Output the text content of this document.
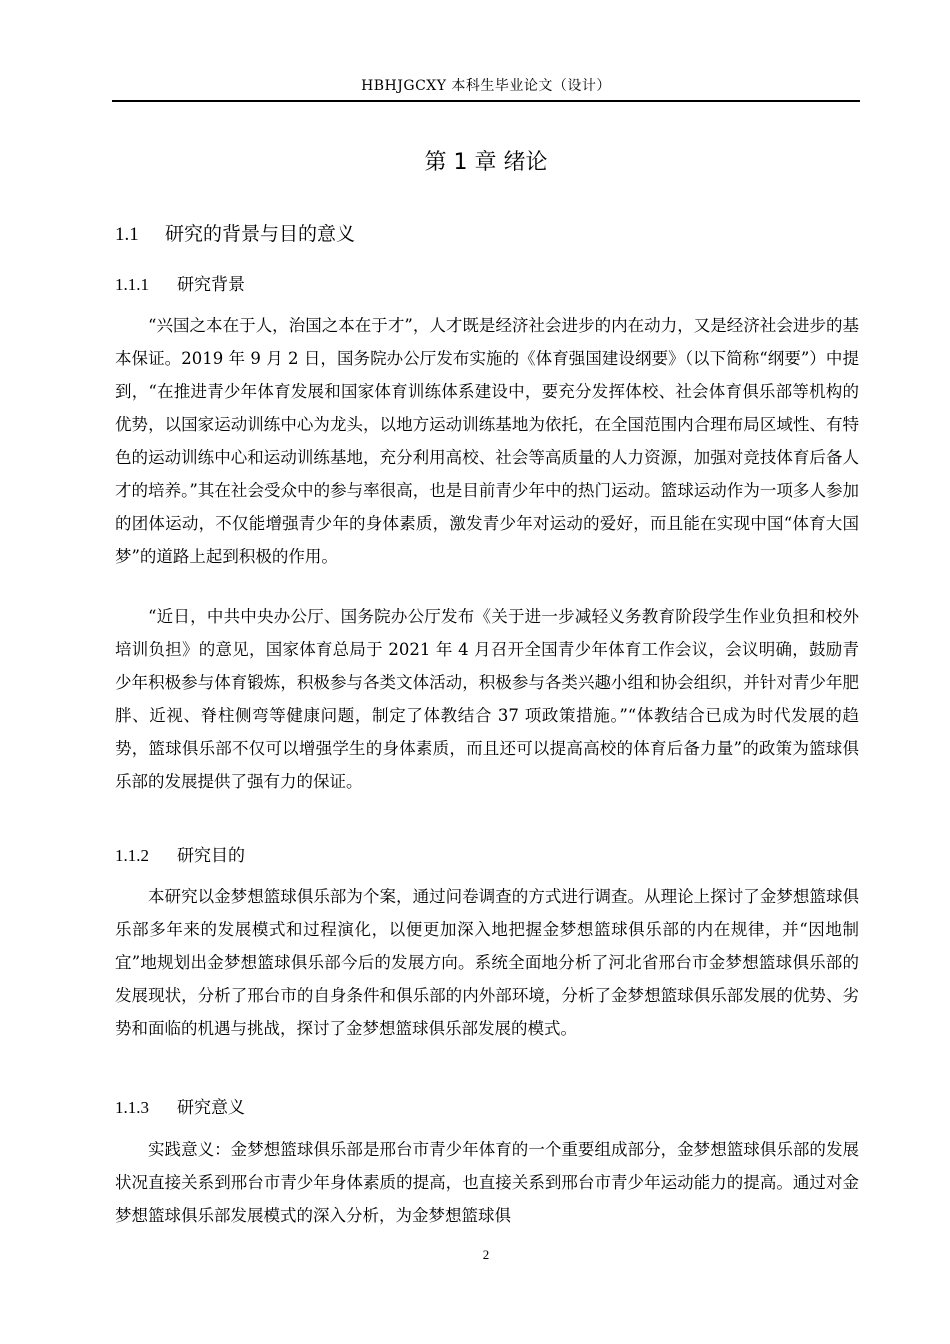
HBHJGCXY 本科生毕业论文（设计）
第 1 章 绪论
1.1 研究的背景与目的意义
1.1.1 研究背景

“兴国之本在于人，治国之本在于才”，人才既是经济社会进步的内在动力，又是经济社会进步的基本保证。2019 年 9 月 2 日，国务院办公厅发布实施的《体育强国建设纲要》（以下简称“纲要”）中提到，“在推进青少年体育发展和国家体育训练体系建设中，要充分发挥体校、社会体育俱乐部等机构的优势，以国家运动训练中心为龙头，以地方运动训练基地为依托，在全国范围内合理布局区域性、有特色的运动训练中心和运动训练基地，充分利用高校、社会等高质量的人力资源，加强对竞技体育后备人才的培养。”其在社会受众中的参与率很高，也是目前青少年中的热门运动。篮球运动作为一项多人参加的团体运动，不仅能增强青少年的身体素质，激发青少年对运动的爱好，而且能在实现中国“体育大国梦”的道路上起到积极的作用。

“近日，中共中央办公厅、国务院办公厅发布《关于进一步减轻义务教育阶段学生作业负担和校外培训负担》的意见，国家体育总局于 2021 年 4 月召开全国青少年体育工作会议，会议明确，鼓励青少年积极参与体育锻炼，积极参与各类文体活动，积极参与各类兴趣小组和协会组织，并针对青少年肥胖、近视、脊柱侧弯等健康问题，制定了体教结合 37 项政策措施。”“体教结合已成为时代发展的趋势，篮球俱乐部不仅可以增强学生的身体素质，而且还可以提高高校的体育后备力量”的政策为篮球俱乐部的发展提供了强有力的保证。

1.1.2 研究目的

本研究以金梦想篮球俱乐部为个案，通过问卷调查的方式进行调查。从理论上探讨了金梦想篮球俱乐部多年来的发展模式和过程演化，以便更加深入地把握金梦想篮球俱乐部的内在规律，并“因地制宜”地规划出金梦想篮球俱乐部今后的发展方向。系统全面地分析了河北省邢台市金梦想篮球俱乐部的发展现状，分析了邢台市的自身条件和俱乐部的内外部环境，分析了金梦想篮球俱乐部发展的优势、劣势和面临的机遇与挑战，探讨了金梦想篮球俱乐部发展的模式。

1.1.3 研究意义

实践意义：金梦想篮球俱乐部是邢台市青少年体育的一个重要组成部分，金梦想篮球俱乐部的发展状况直接关系到邢台市青少年身体素质的提高，也直接关系到邢台市青少年运动能力的提高。通过对金梦想篮球俱乐部发展模式的深入分析，为金梦想篮球俱

2
